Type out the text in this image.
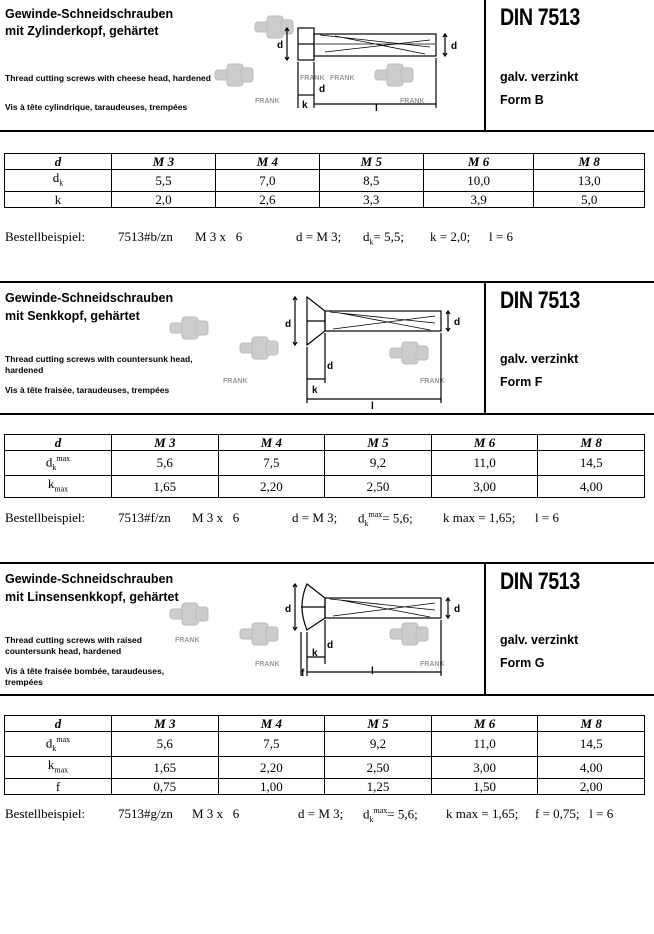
Gewinde-Schneidschrauben
mit Zylinderkopf, gehärtet
Thread cutting screws with cheese head, hardened
Vis à tête cylindrique, taraudeuses, trempées
DIN 7513
galv. verzinkt
Form B
FRANK FRANK
FRANK	FRANK
d
d
d
k	l
d	M 3	M 4	M 5	M 6	M 8
$d_k$	5,5	7,0	8,5	10,0	13,0
k	2,0	2,6	3,3	3,9	5,0

Bestellbeispiel:

	7513#b/zn

M 3 x   6

	d = M 3;

$d_k= 5,5$;

k = 2,0;

l = 6

Gewinde-Schneidschrauben
mit Senkkopf, gehärtet
Thread cutting screws with countersunk head, hardened
Vis à tête fraisée, taraudeuses, trempées
DIN 7513
galv. verzinkt
Form F
FRANK	FRANK
d
d
d
k
l
d	M 3	M 4	M 5	M 6	M 8
$d_k^{max}$	5,6	7,5	9,2	11,0	14,5
$k_{max}$	1,65	2,20	2,50	3,00	4,00

Bestellbeispiel:

	7513#f/zn

M 3 x   6

	d = M 3;

$d_k^{max}= 5,6$;

k max = 1,65;

l = 6

Gewinde-Schneidschrauben
mit Linsensenkkopf, gehärtet
Thread cutting screws with raised countersunk head, hardened
Vis à tête fraisée bombée, taraudeuses, trempées
DIN 7513
galv. verzinkt
Form G
FRANK
FRANK	FRANK
d
d
d
f
k
l
d	M 3	M 4	M 5	M 6	M 8
$d_k^{max}$	5,6	7,5	9,2	11,0	14,5
$k_{max}$	1,65	2,20	2,50	3,00	4,00
f	0,75	1,00	1,25	1,50	2,00

Bestellbeispiel:

	7513#g/zn

M 3 x   6

	d = M 3;

$d_k^{max}= 5,6$;

k max = 1,65;

f = 0,75;   l = 6
